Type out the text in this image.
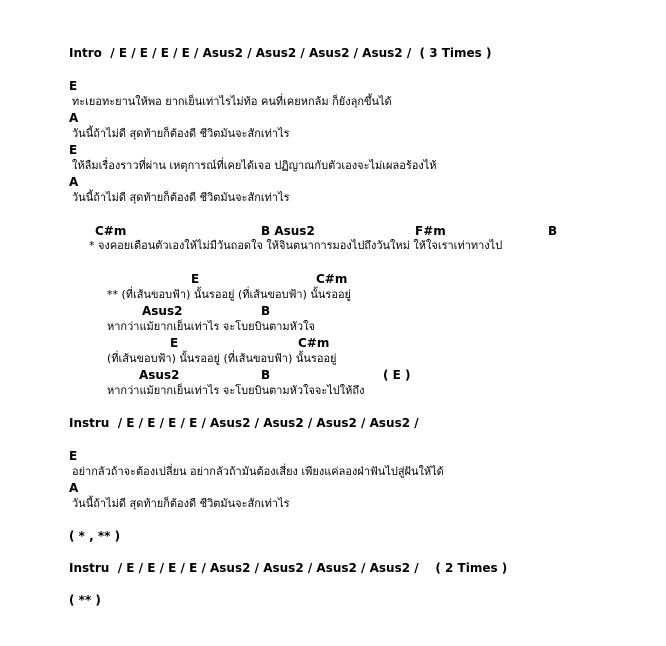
Intro  / E / E / E / E / Asus2 / Asus2 / Asus2 / Asus2 /  ( 3 Times )
E
ทะเยอทะยานให้พอ ยากเย็นเท่าไรไม่ท้อ คนที่เคยหกล้ม ก็ยังลุกขึ้นได้
A
วันนี้ถ้าไม่ดี สุดท้ายก็ต้องดี ชีวิตมันจะสักเท่าไร
E
ให้ลืมเรื่องราวที่ผ่าน เหตุการณ์ที่เคยได้เจอ ปฏิญาณกับตัวเองจะไม่เผลอร้องไห้
A
วันนี้ถ้าไม่ดี สุดท้ายก็ต้องดี ชีวิตมันจะสักเท่าไร
C#m	B Asus2	F#m	B
* จงคอยเตือนตัวเองให้ไม่มีวันถอดใจ ให้จินตนาการมองไปถึงวันใหม่ ให้ใจเราเท่าทางไป
E	C#m
** (ที่เส้นขอบฟ้า) นั้นรออยู่ (ที่เส้นขอบฟ้า) นั้นรออยู่
Asus2	B
หากว่าแม้ยากเย็นเท่าไร จะโบยบินตามหัวใจ
E	C#m
(ที่เส้นขอบฟ้า) นั้นรออยู่ (ที่เส้นขอบฟ้า) นั้นรออยู่
Asus2	B	( E )
หากว่าแม้ยากเย็นเท่าไร จะโบยบินตามหัวใจจะไปให้ถึง
Instru  / E / E / E / E / Asus2 / Asus2 / Asus2 / Asus2 /
E
อย่ากลัวถ้าจะต้องเปลี่ยน อย่ากลัวถ้ามันต้องเสี่ยง เพียงแค่ลองฝ่าฟันไปสู่ฝันให้ได้
A
วันนี้ถ้าไม่ดี สุดท้ายก็ต้องดี ชีวิตมันจะสักเท่าไร
( * , ** )
Instru  / E / E / E / E / Asus2 / Asus2 / Asus2 / Asus2 /    ( 2 Times )
( ** )
